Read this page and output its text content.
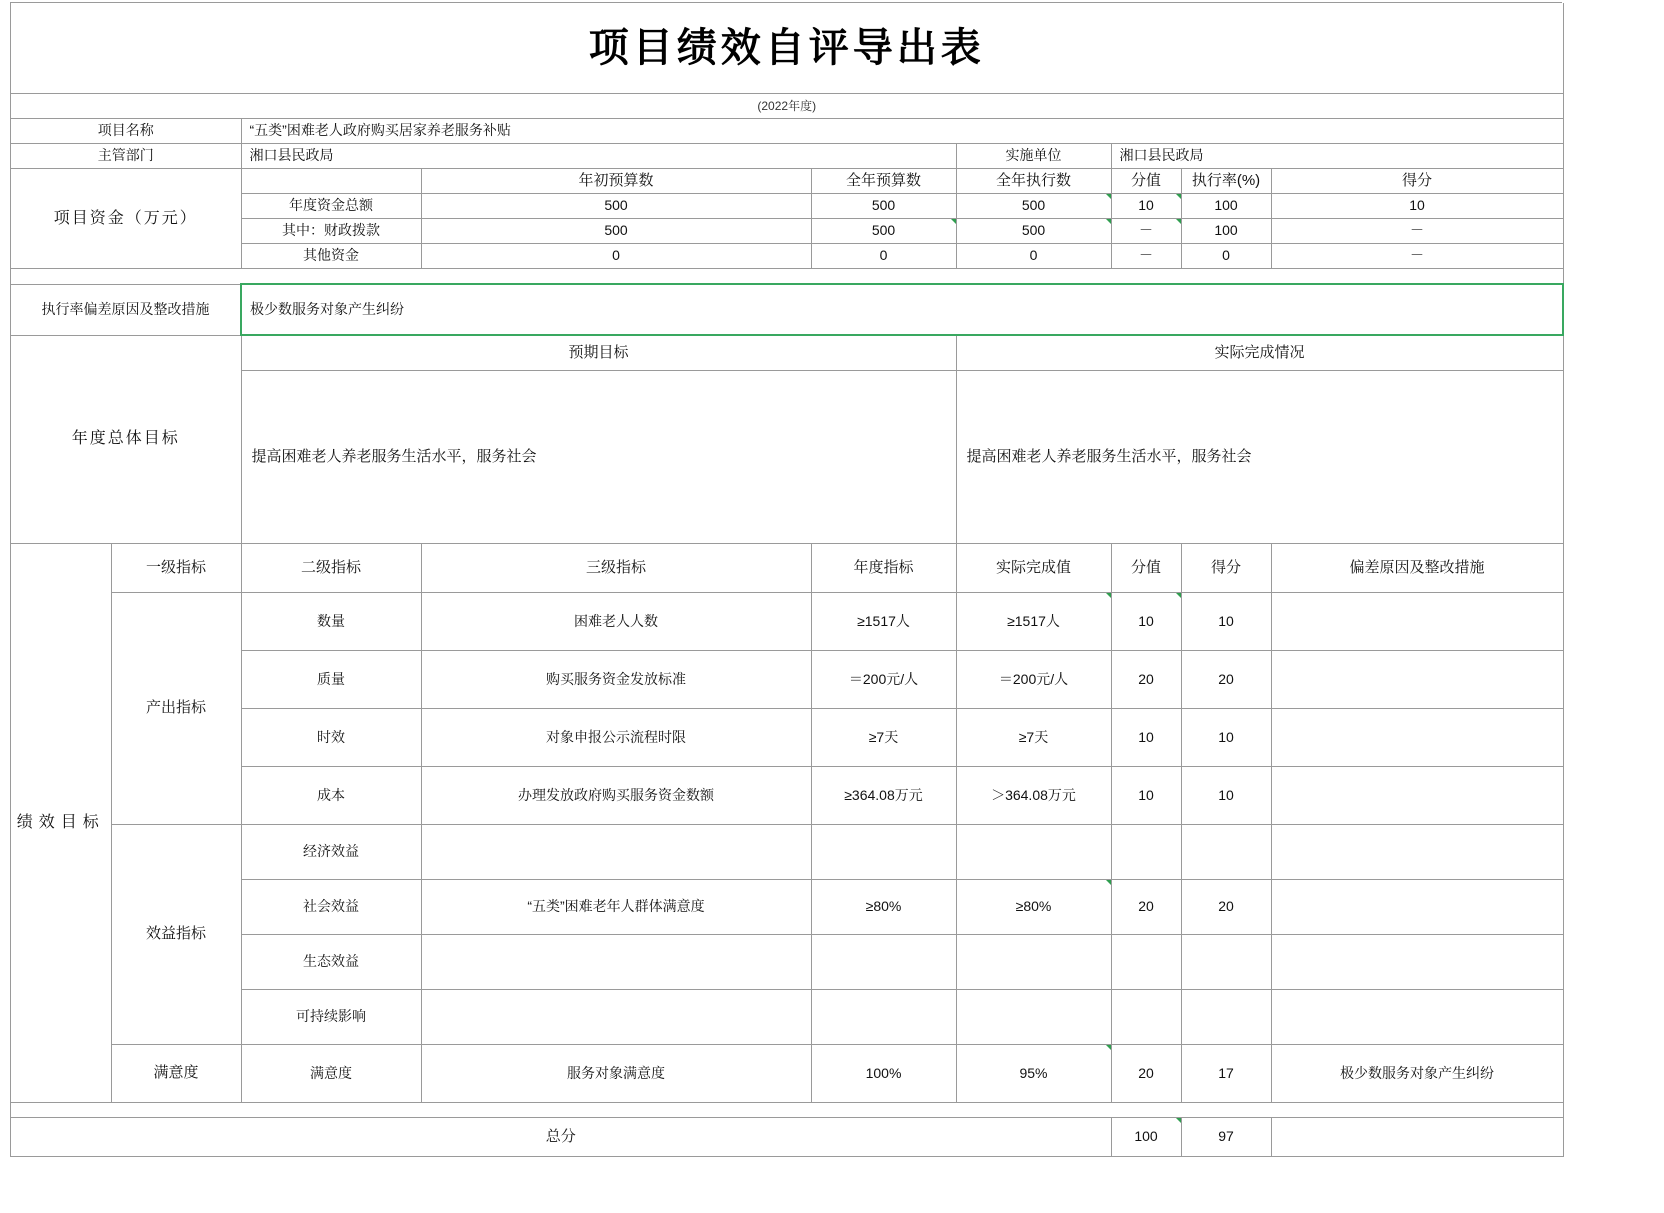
项目绩效自评导出表								
(2022年度)								
项目名称		“五类”困难老人政府购买居家养老服务补贴						
主管部门		湘口县民政局			实施单位	湘口县民政局		
项目资金（万元）			年初预算数	全年预算数	全年执行数	分值	执行率(%)	得分
		年度资金总额	500	500	500	10	100	10
		其中：财政拨款	500	500	500	－	100	－
		其他资金	0	0	0	－	0	－

执行率偏差原因及整改措施		极少数服务对象产生纠纷						
年度总体目标		预期目标			实际完成情况			
		提高困难老人养老服务生活水平，服务社会			提高困难老人养老服务生活水平，服务社会			
绩效目标	一级指标	二级指标	三级指标	年度指标	实际完成值	分值	得分	偏差原因及整改措施
	产出指标	数量	困难老人人数	≥1517人	≥1517人	10	10	
		质量	购买服务资金发放标准	＝200元/人	＝200元/人	20	20	
		时效	对象申报公示流程时限	≥7天	≥7天	10	10	
		成本	办理发放政府购买服务资金数额	≥364.08万元	＞364.08万元	10	10	
	效益指标	经济效益						
		社会效益	“五类”困难老年人群体满意度	≥80%	≥80%	20	20	
		生态效益						
		可持续影响						
	满意度	满意度	服务对象满意度	100%	95%	20	17	极少数服务对象产生纠纷

总分						100	97	
